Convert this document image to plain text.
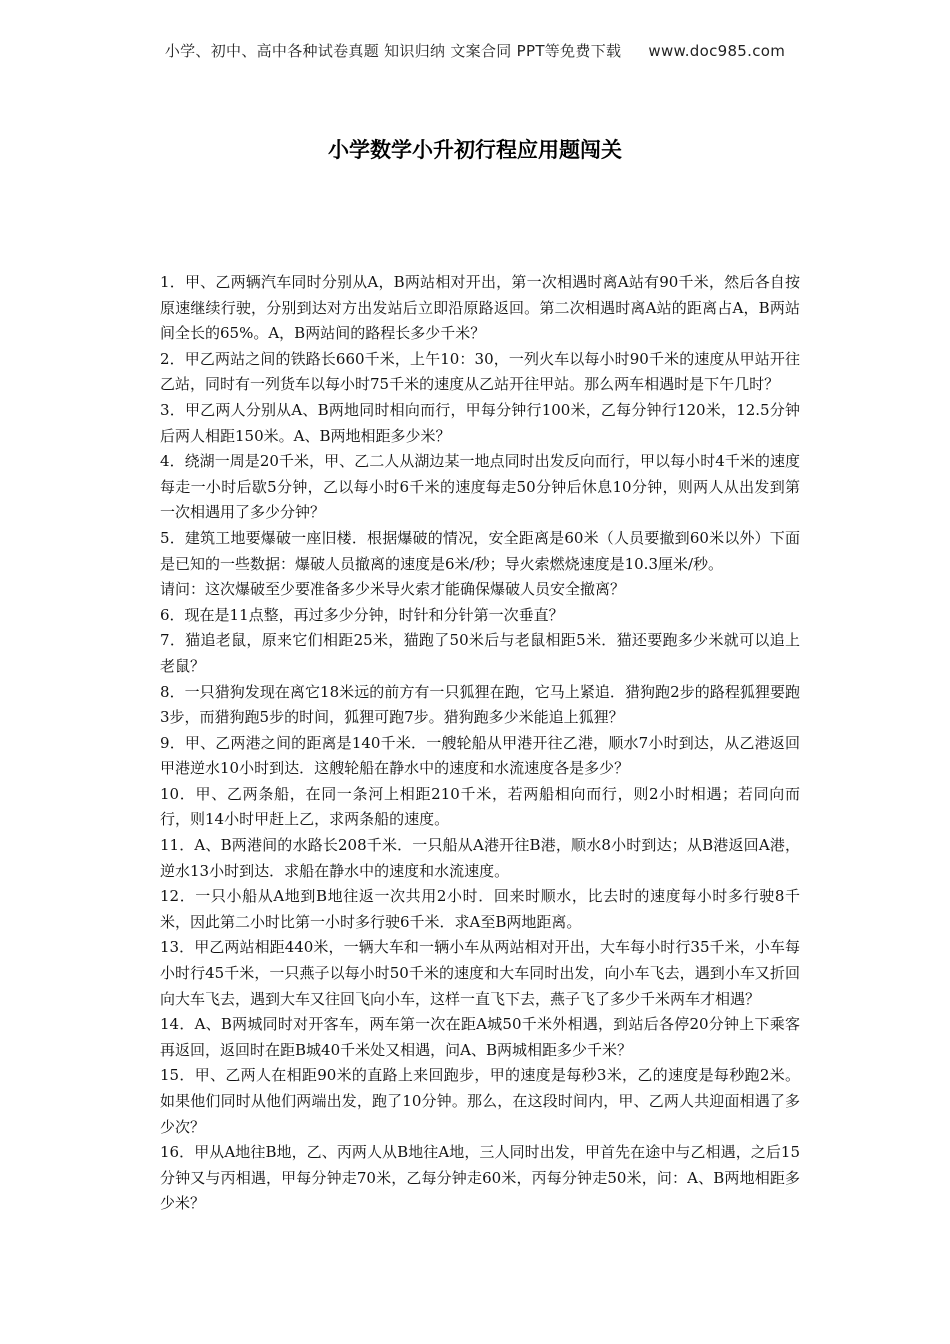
小学、初中、高中各种试卷真题 知识归纳 文案合同 PPT等免费下载 www.doc985.com
小学数学小升初行程应用题闯关

1．甲、乙两辆汽车同时分别从A，B两站相对开出，第一次相遇时离A站有90千米，然后各自按原速继续行驶，分别到达对方出发站后立即沿原路返回。第二次相遇时离A站的距离占A，B两站间全长的65%。A，B两站间的路程长多少千米？

2．甲乙两站之间的铁路长660千米，上午10：30，一列火车以每小时90千米的速度从甲站开往乙站，同时有一列货车以每小时75千米的速度从乙站开往甲站。那么两车相遇时是下午几时？

3．甲乙两人分别从A、B两地同时相向而行，甲每分钟行100米，乙每分钟行120米，12.5分钟后两人相距150米。A、B两地相距多少米？

4．绕湖一周是20千米，甲、乙二人从湖边某一地点同时出发反向而行，甲以每小时4千米的速度每走一小时后歇5分钟，乙以每小时6千米的速度每走50分钟后休息10分钟，则两人从出发到第一次相遇用了多少分钟？

5．建筑工地要爆破一座旧楼．根据爆破的情况，安全距离是60米（人员要撤到60米以外）下面是已知的一些数据：爆破人员撤离的速度是6米/秒；导火索燃烧速度是10.3厘米/秒。

请问：这次爆破至少要准备多少米导火索才能确保爆破人员安全撤离？

6．现在是11点整，再过多少分钟，时针和分针第一次垂直？

7．猫追老鼠，原来它们相距25米，猫跑了50米后与老鼠相距5米．猫还要跑多少米就可以追上老鼠？

8．一只猎狗发现在离它18米远的前方有一只狐狸在跑，它马上紧追．猎狗跑2步的路程狐狸要跑3步，而猎狗跑5步的时间，狐狸可跑7步。猎狗跑多少米能追上狐狸？

9．甲、乙两港之间的距离是140千米．一艘轮船从甲港开往乙港，顺水7小时到达，从乙港返回甲港逆水10小时到达．这艘轮船在静水中的速度和水流速度各是多少？

10．甲、乙两条船，在同一条河上相距210千米，若两船相向而行，则2小时相遇；若同向而行，则14小时甲赶上乙，求两条船的速度。

11．A、B两港间的水路长208千米．一只船从A港开往B港，顺水8小时到达；从B港返回A港，逆水13小时到达．求船在静水中的速度和水流速度。

12．一只小船从A地到B地往返一次共用2小时．回来时顺水，比去时的速度每小时多行驶8千米，因此第二小时比第一小时多行驶6千米．求A至B两地距离。

13．甲乙两站相距440米，一辆大车和一辆小车从两站相对开出，大车每小时行35千米，小车每小时行45千米，一只燕子以每小时50千米的速度和大车同时出发，向小车飞去，遇到小车又折回向大车飞去，遇到大车又往回飞向小车，这样一直飞下去，燕子飞了多少千米两车才相遇？

14．A、B两城同时对开客车，两车第一次在距A城50千米外相遇，到站后各停20分钟上下乘客再返回，返回时在距B城40千米处又相遇，问A、B两城相距多少千米？

15．甲、乙两人在相距90米的直路上来回跑步，甲的速度是每秒3米，乙的速度是每秒跑2米。如果他们同时从他们两端出发，跑了10分钟。那么，在这段时间内，甲、乙两人共迎面相遇了多少次？

16．甲从A地往B地，乙、丙两人从B地往A地，三人同时出发，甲首先在途中与乙相遇，之后15分钟又与丙相遇，甲每分钟走70米，乙每分钟走60米，丙每分钟走50米，问：A、B两地相距多少米？
